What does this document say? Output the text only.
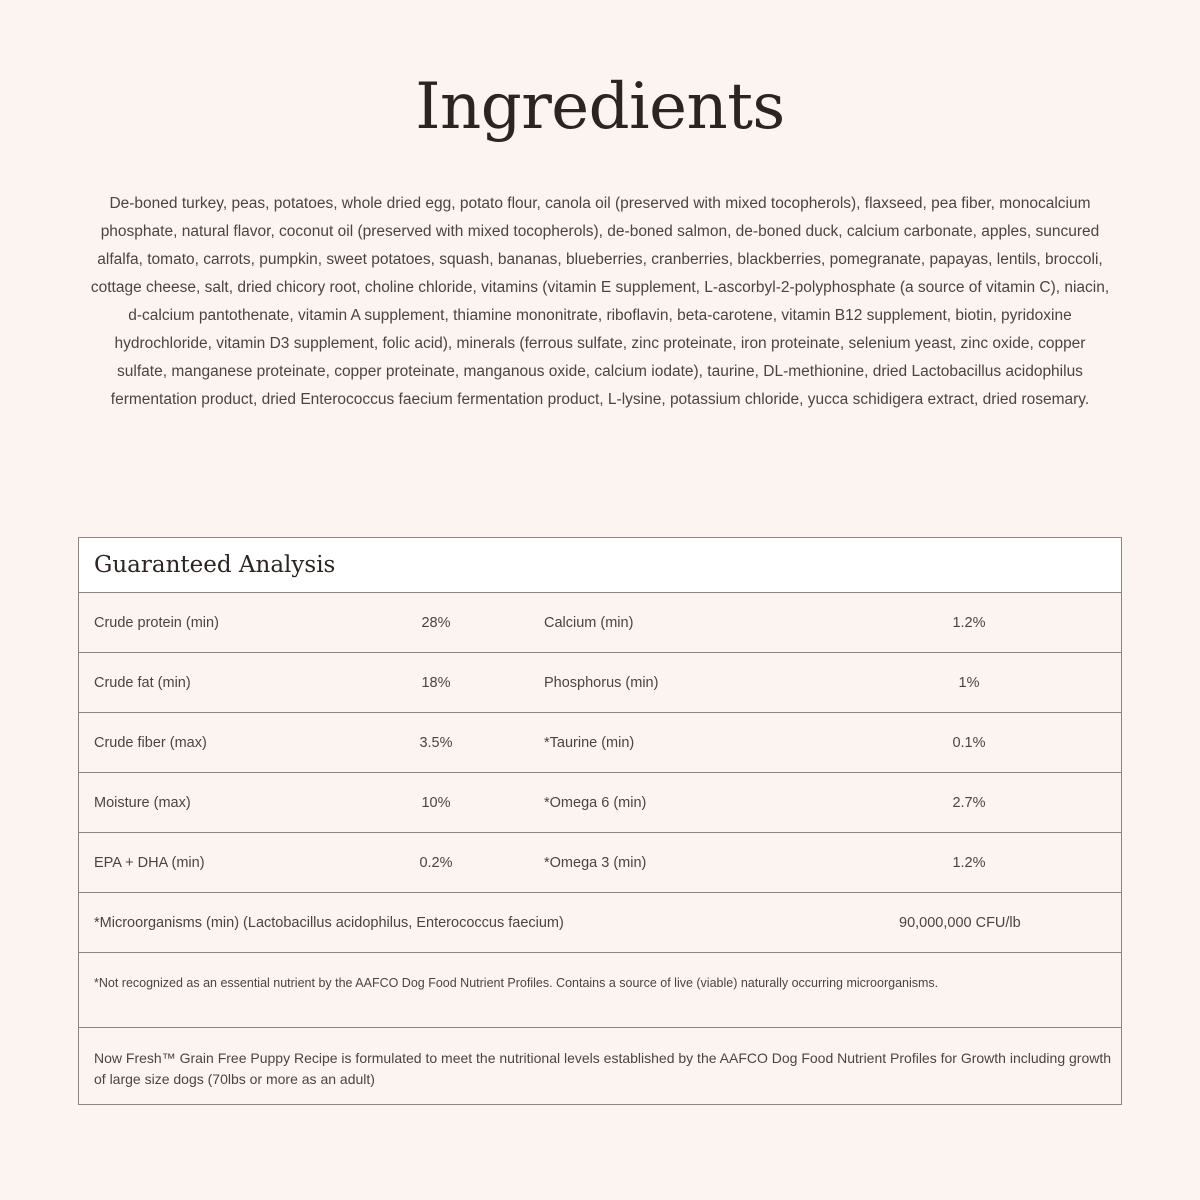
Ingredients

De-boned turkey, peas, potatoes, whole dried egg, potato flour, canola oil (preserved with mixed tocopherols), flaxseed, pea fiber, monocalcium phosphate, natural flavor, coconut oil (preserved with mixed tocopherols), de-boned salmon, de-boned duck, calcium carbonate, apples, suncured alfalfa, tomato, carrots, pumpkin, sweet potatoes, squash, bananas, blueberries, cranberries, blackberries, pomegranate, papayas, lentils, broccoli, cottage cheese, salt, dried chicory root, choline chloride, vitamins (vitamin E supplement, L-ascorbyl-2-polyphosphate (a source of vitamin C), niacin, d-calcium pantothenate, vitamin A supplement, thiamine mononitrate, riboflavin, beta-carotene, vitamin B12 supplement, biotin, pyridoxine hydrochloride, vitamin D3 supplement, folic acid), minerals (ferrous sulfate, zinc proteinate, iron proteinate, selenium yeast, zinc oxide, copper sulfate, manganese proteinate, copper proteinate, manganous oxide, calcium iodate), taurine, DL-methionine, dried Lactobacillus acidophilus fermentation product, dried Enterococcus faecium fermentation product, L-lysine, potassium chloride, yucca schidigera extract, dried rosemary.

Guaranteed Analysis
Crude protein (min)	28%	Calcium (min)	1.2%
Crude fat (min)	18%	Phosphorus (min)	1%
Crude fiber (max)	3.5%	*Taurine (min)	0.1%
Moisture (max)	10%	*Omega 6 (min)	2.7%
EPA + DHA (min)	0.2%	*Omega 3 (min)	1.2%
*Microorganisms (min) (Lactobacillus acidophilus, Enterococcus faecium)	90,000,000 CFU/lb

*Not recognized as an essential nutrient by the AAFCO Dog Food Nutrient Profiles. Contains a source of live (viable) naturally occurring microorganisms.

Now Fresh™ Grain Free Puppy Recipe is formulated to meet the nutritional levels established by the AAFCO Dog Food Nutrient Profiles for Growth including growth of large size dogs (70lbs or more as an adult)
